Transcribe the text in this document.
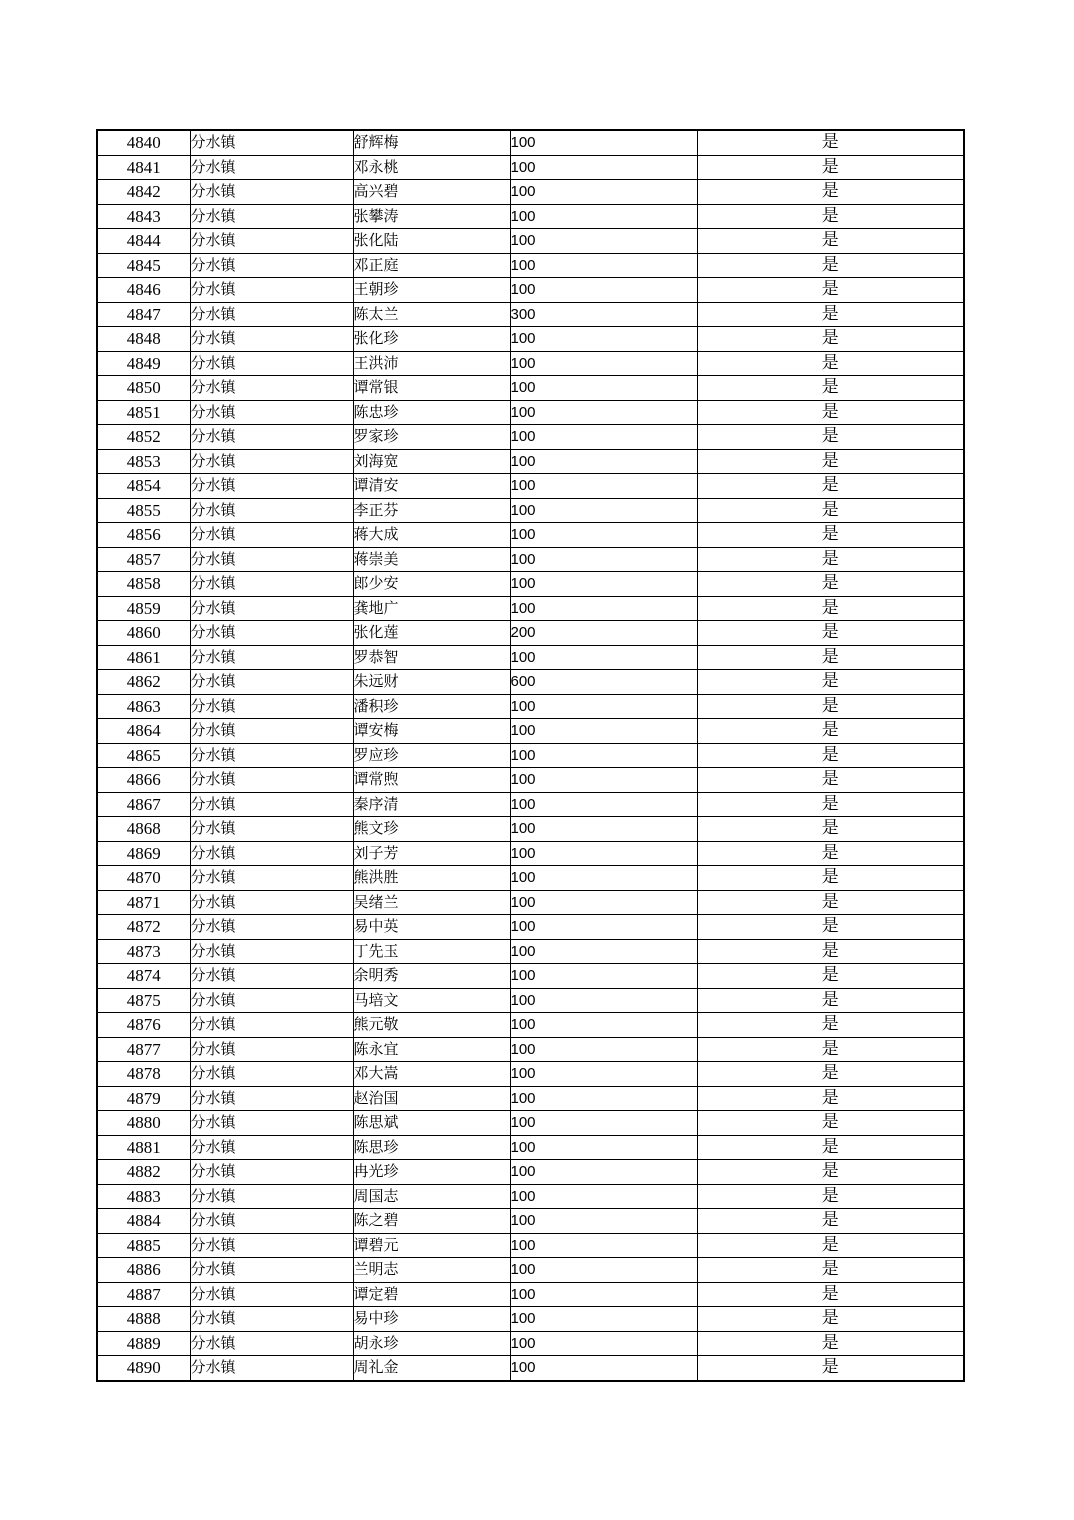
4840	分水镇	舒辉梅	100	是
4841	分水镇	邓永桃	100	是
4842	分水镇	高兴碧	100	是
4843	分水镇	张攀涛	100	是
4844	分水镇	张化陆	100	是
4845	分水镇	邓正庭	100	是
4846	分水镇	王朝珍	100	是
4847	分水镇	陈太兰	300	是
4848	分水镇	张化珍	100	是
4849	分水镇	王洪沛	100	是
4850	分水镇	谭常银	100	是
4851	分水镇	陈忠珍	100	是
4852	分水镇	罗家珍	100	是
4853	分水镇	刘海宽	100	是
4854	分水镇	谭清安	100	是
4855	分水镇	李正芬	100	是
4856	分水镇	蒋大成	100	是
4857	分水镇	蒋崇美	100	是
4858	分水镇	郎少安	100	是
4859	分水镇	龚地广	100	是
4860	分水镇	张化莲	200	是
4861	分水镇	罗恭智	100	是
4862	分水镇	朱远财	600	是
4863	分水镇	潘积珍	100	是
4864	分水镇	谭安梅	100	是
4865	分水镇	罗应珍	100	是
4866	分水镇	谭常煦	100	是
4867	分水镇	秦序清	100	是
4868	分水镇	熊文珍	100	是
4869	分水镇	刘子芳	100	是
4870	分水镇	熊洪胜	100	是
4871	分水镇	吴绪兰	100	是
4872	分水镇	易中英	100	是
4873	分水镇	丁先玉	100	是
4874	分水镇	余明秀	100	是
4875	分水镇	马培文	100	是
4876	分水镇	熊元敬	100	是
4877	分水镇	陈永宜	100	是
4878	分水镇	邓大嵩	100	是
4879	分水镇	赵治国	100	是
4880	分水镇	陈思斌	100	是
4881	分水镇	陈思珍	100	是
4882	分水镇	冉光珍	100	是
4883	分水镇	周国志	100	是
4884	分水镇	陈之碧	100	是
4885	分水镇	谭碧元	100	是
4886	分水镇	兰明志	100	是
4887	分水镇	谭定碧	100	是
4888	分水镇	易中珍	100	是
4889	分水镇	胡永珍	100	是
4890	分水镇	周礼金	100	是
